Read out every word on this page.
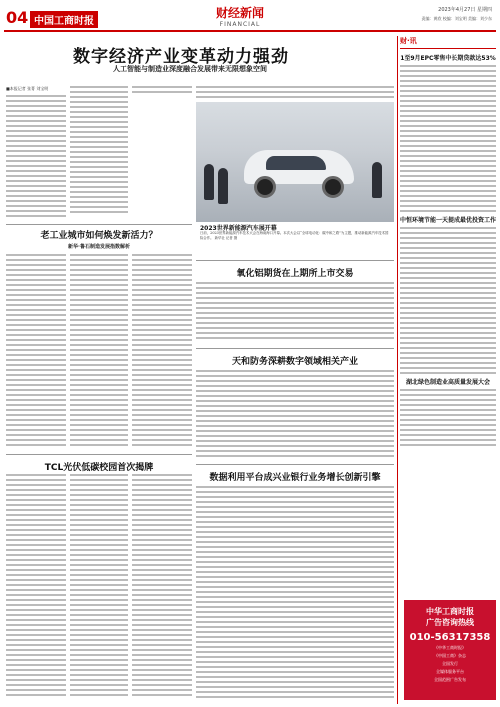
04 中国工商时报
财经新闻
FINANCIAL
2023年4月27日 星期四
责编：黄欣 校编：刘宝明 美编：刘少东
数字经济产业变革动力强劲
人工智能与制造业深度融合发展带来无限想象空间
■本报记者 张菁 刘宝明
老工业城市如何焕发新活力？
新华·鲁石制造发展指数解析
TCL光伏低碳校园首次揭牌
2023世界新能源汽车展开幕
日前，2023世界新能源汽车技术大会在海南海口开幕。本次大会以“全球电动化：碳中和之路”为主题，推动新能源汽车技术国际合作。 新华社 记者 摄
氧化铝期货在上期所上市交易
天和防务深耕数字领域相关产业
数据利用平台成兴业银行业务增长创新引擎
财·讯
1至9月EPC零售中长期贷款达53%
中恒环境节能一天提成最优投资工作
湖北绿色制造业高质量发展大会
中华工商时报
广告咨询热线
010-56317358
《中华工商时报》
《中国工商》杂志
全国发行
全媒体服务平台
全国范围广告发布
